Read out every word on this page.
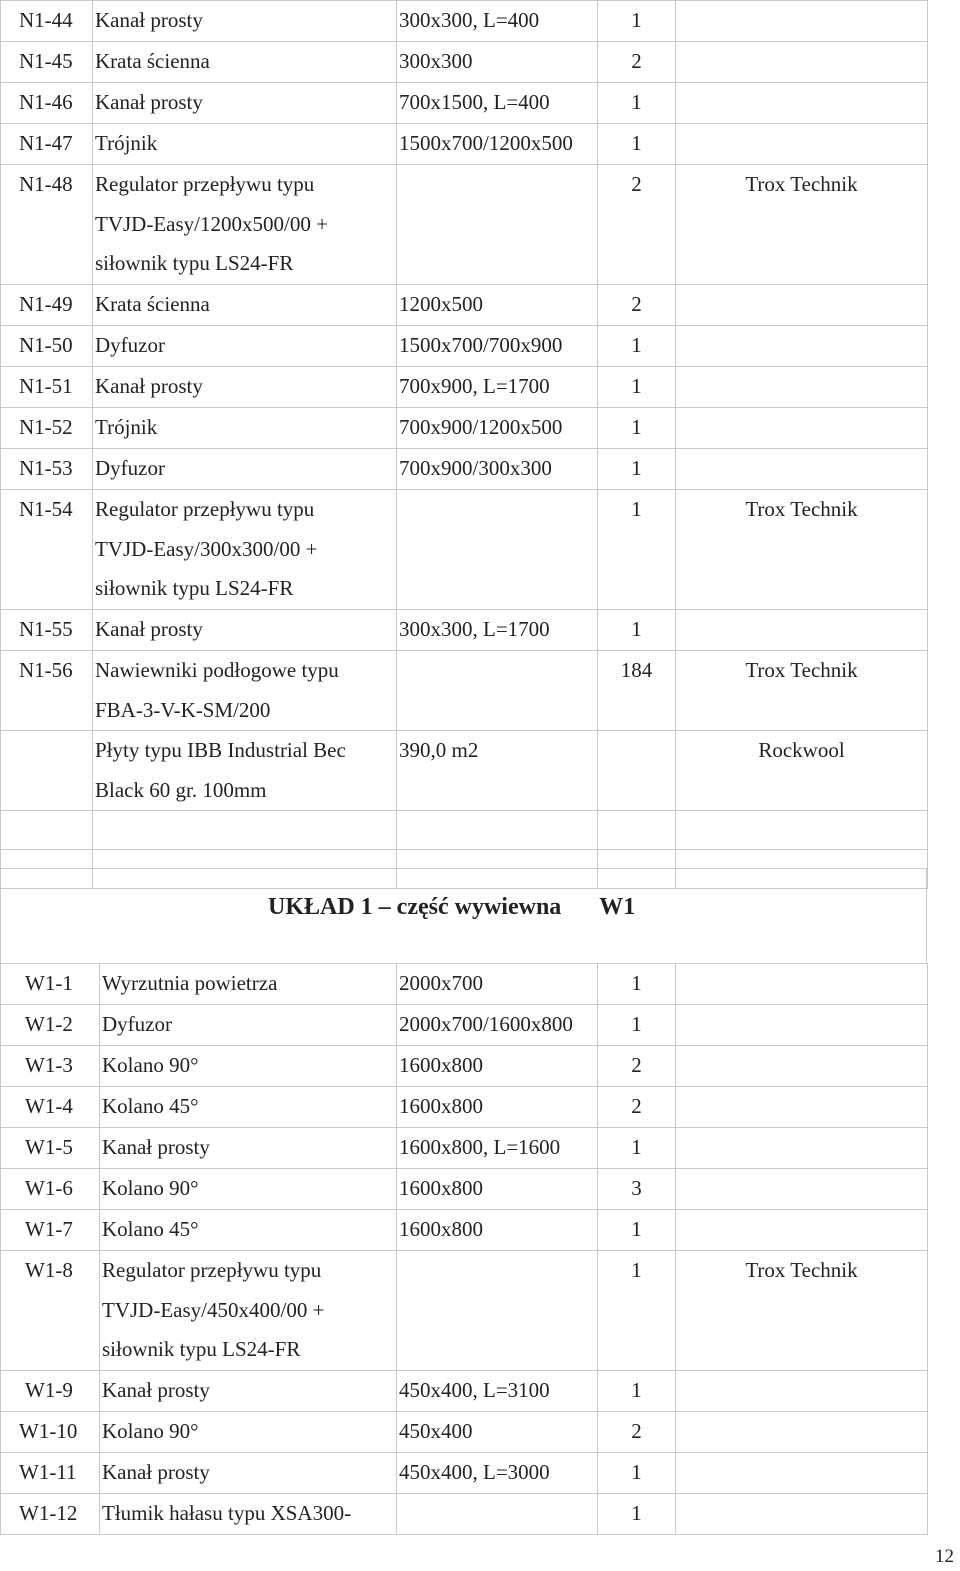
N1-44	Kanał prosty	300x300, L=400	1	
N1-45	Krata ścienna	300x300	2	
N1-46	Kanał prosty	700x1500, L=400	1	
N1-47	Trójnik	1500x700/1200x500	1	
N1-48	Regulator przepływu typu
TVJD-Easy/1200x500/00 +
siłownik typu LS24-FR		2	Trox Technik
N1-49	Krata ścienna	1200x500	2	
N1-50	Dyfuzor	1500x700/700x900	1	
N1-51	Kanał prosty	700x900, L=1700	1	
N1-52	Trójnik	700x900/1200x500	1	
N1-53	Dyfuzor	700x900/300x300	1	
N1-54	Regulator przepływu typu
TVJD-Easy/300x300/00 +
siłownik typu LS24-FR		1	Trox Technik
N1-55	Kanał prosty	300x300, L=1700	1	
N1-56	Nawiewniki podłogowe typu
FBA-3-V-K-SM/200		184	Trox Technik

	Płyty typu IBB Industrial Bec
Black 60 gr. 100mm	390,0 m2		Rockwool

UKŁAD 1 – część wywiewna W1
W1-1	Wyrzutnia powietrza	2000x700	1	
W1-2	Dyfuzor	2000x700/1600x800	1	
W1-3	Kolano 90°	1600x800	2	
W1-4	Kolano 45°	1600x800	2	
W1-5	Kanał prosty	1600x800, L=1600	1	
W1-6	Kolano 90°	1600x800	3	
W1-7	Kolano 45°	1600x800	1	
W1-8	Regulator przepływu typu
TVJD-Easy/450x400/00 +
siłownik typu LS24-FR		1	Trox Technik
W1-9	Kanał prosty	450x400, L=3100	1	
W1-10	Kolano 90°	450x400	2	
W1-11	Kanał prosty	450x400, L=3000	1	
W1-12	Tłumik hałasu typu XSA300-		1	
12
